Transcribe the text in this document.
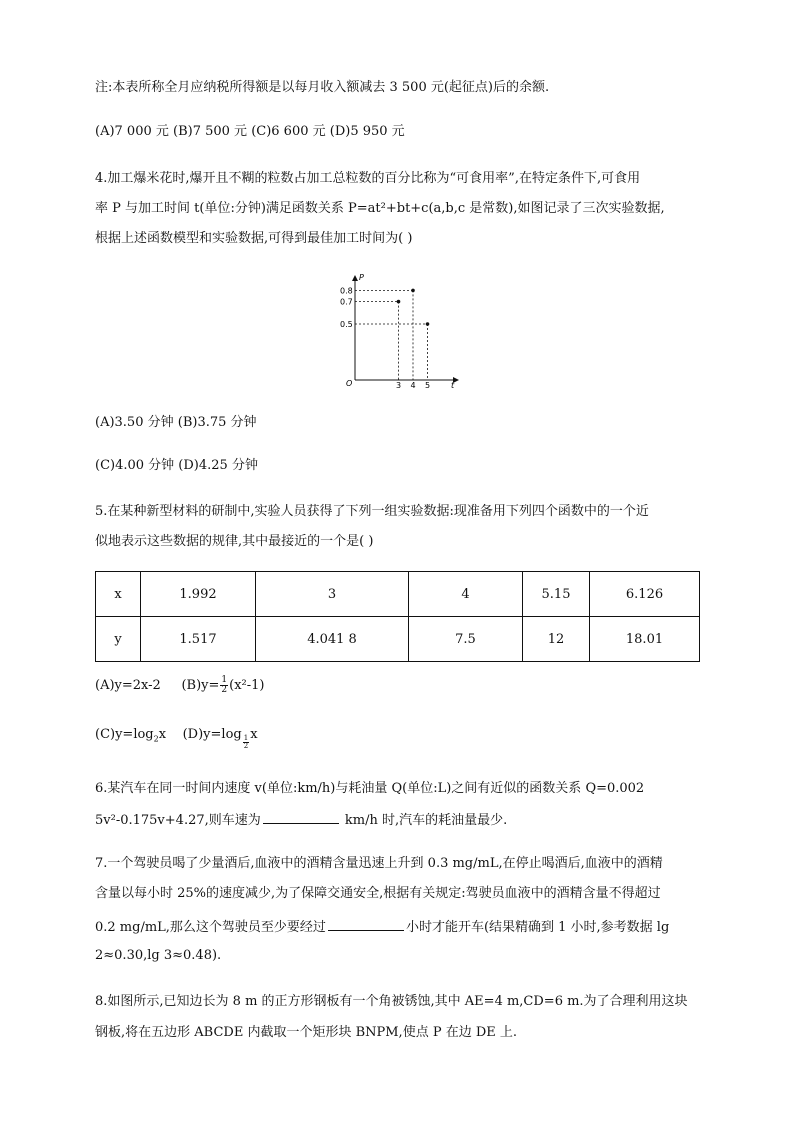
注:本表所称全月应纳税所得额是以每月收入额减去 3 500 元(起征点)后的余额.
(A)7 000 元 (B)7 500 元 (C)6 600 元 (D)5 950 元
4.加工爆米花时,爆开且不糊的粒数占加工总粒数的百分比称为“可食用率”,在特定条件下,可食用
率 P 与加工时间 t(单位:分钟)满足函数关系 P=at²+bt+c(a,b,c 是常数),如图记录了三次实验数据,
根据上述函数模型和实验数据,可得到最佳加工时间为( )
P
t
O	3 4 5
0.8
0.7
0.5
(A)3.50 分钟 (B)3.75 分钟
(C)4.00 分钟 (D)4.25 分钟
5.在某种新型材料的研制中,实验人员获得了下列一组实验数据:现准备用下列四个函数中的一个近
似地表示这些数据的规律,其中最接近的一个是( )
x	1.992	3	4	5.15	6.126
y	1.517	4.041 8	7.5	12	18.01
(A)y=2x-2 $(B)y= \frac{1}{2} (x^2-1)$
$(C)y=\log_2x$ (D)y=log
$\frac{1}{2}$
x
6.某汽车在同一时间内速度 v(单位:km/h)与耗油量 Q(单位:L)之间有近似的函数关系 Q=0.002
5v²-0.175v+4.27,则车速为	km/h 时,汽车的耗油量最少.
7.一个驾驶员喝了少量酒后,血液中的酒精含量迅速上升到 0.3 mg/mL,在停止喝酒后,血液中的酒精
含量以每小时 25%的速度减少,为了保障交通安全,根据有关规定:驾驶员血液中的酒精含量不得超过
0.2 mg/mL,那么这个驾驶员至少要经过	小时才能开车(结果精确到 1 小时,参考数据 lg
2≈0.30,lg 3≈0.48).
8.如图所示,已知边长为 8 m 的正方形钢板有一个角被锈蚀,其中 AE=4 m,CD=6 m.为了合理利用这块
钢板,将在五边形 ABCDE 内截取一个矩形块 BNPM,使点 P 在边 DE 上.
